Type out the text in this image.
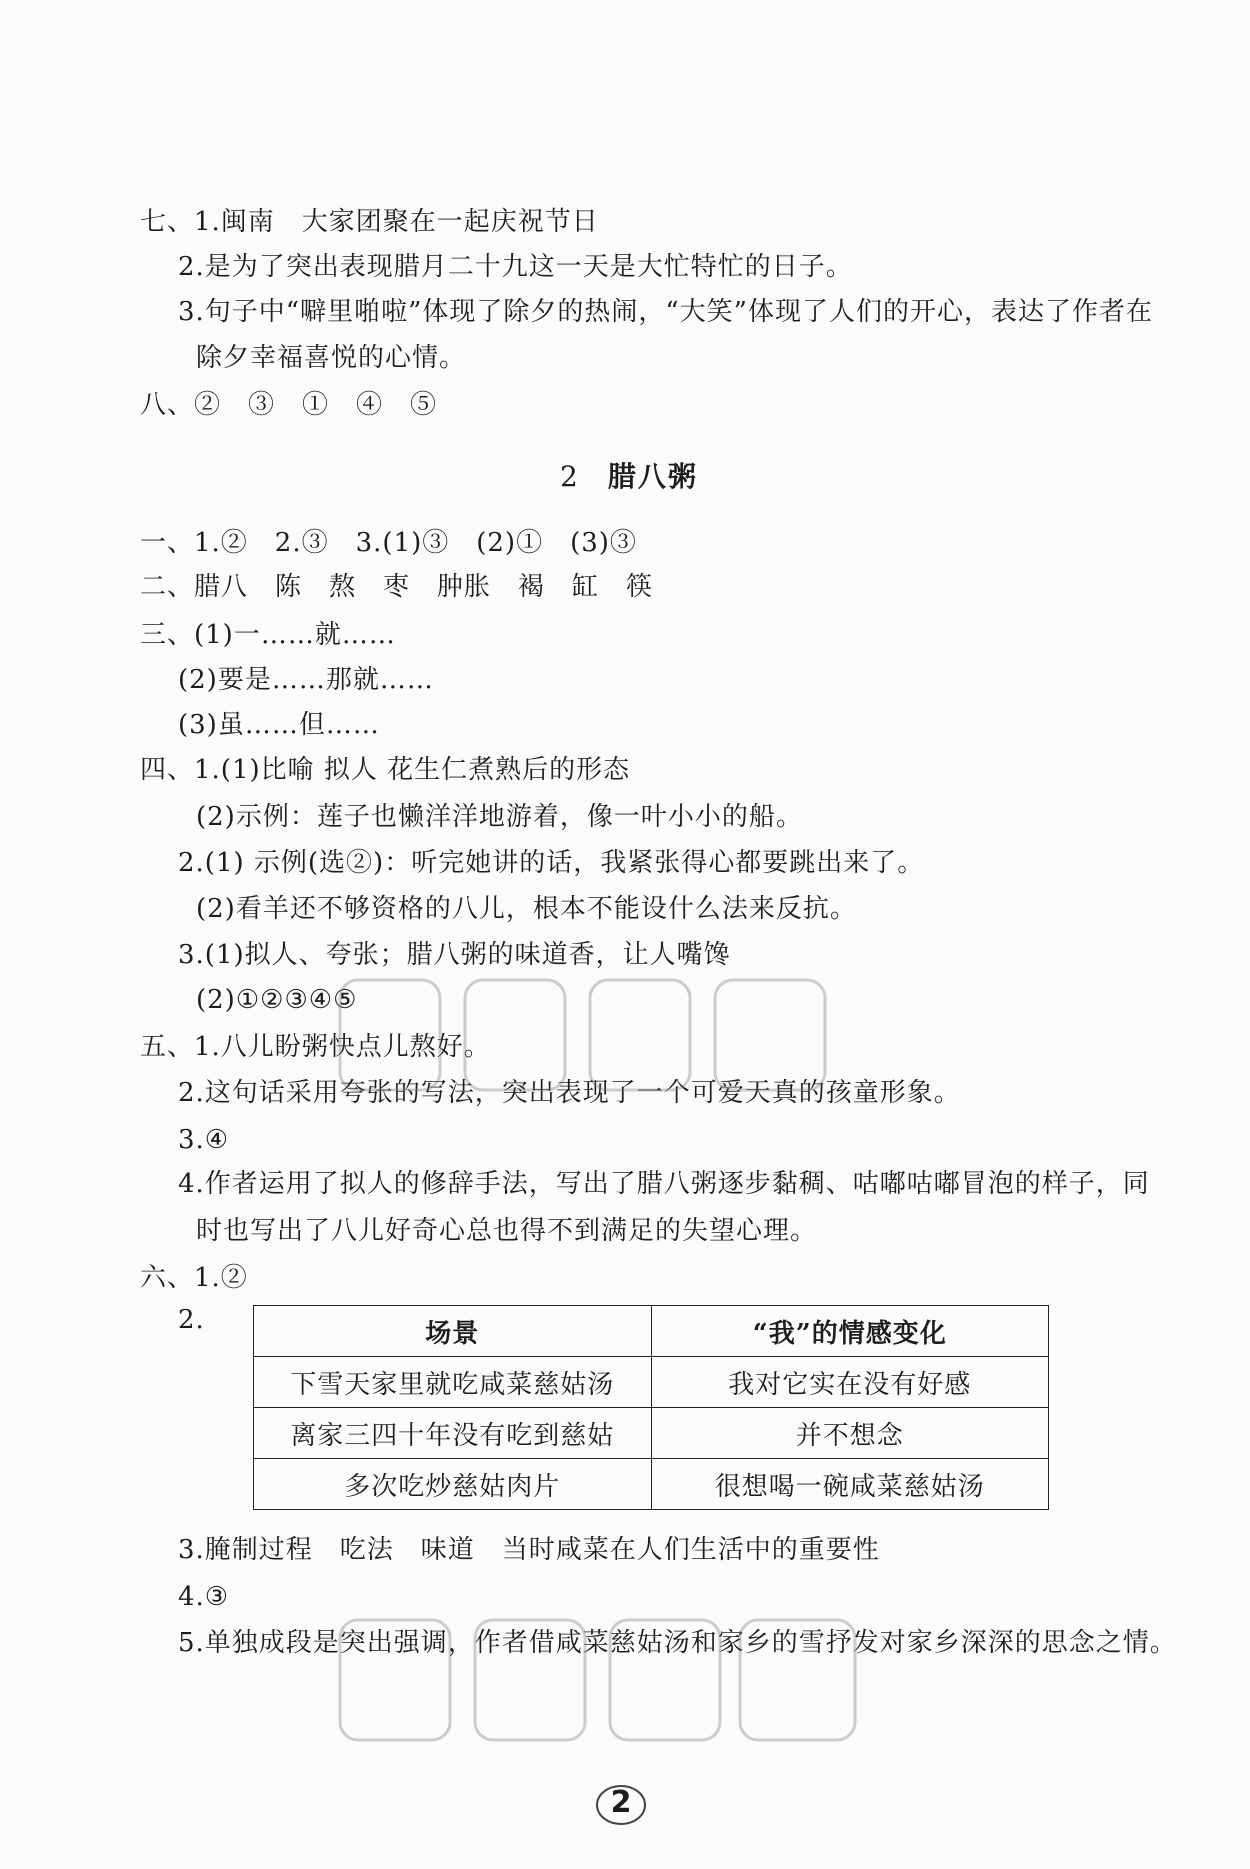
七、1.闽南　大家团聚在一起庆祝节日
2.是为了突出表现腊月二十九这一天是大忙特忙的日子。
3.句子中“噼里啪啦”体现了除夕的热闹，“大笑”体现了人们的开心，表达了作者在
除夕幸福喜悦的心情。
八、②　③　①　④　⑤
2 腊八粥
一、1.②　2.③　3.(1)③　(2)①　(3)③
二、腊八　陈　熬　枣　肿胀　褐　缸　筷
三、(1)一……就……
(2)要是……那就……
(3)虽……但……
四、1.(1)比喻 拟人 花生仁煮熟后的形态
(2)示例：莲子也懒洋洋地游着，像一叶小小的船。
2.(1) 示例(选②)：听完她讲的话，我紧张得心都要跳出来了。
(2)看羊还不够资格的八儿，根本不能设什么法来反抗。
3.(1)拟人、夸张；腊八粥的味道香，让人嘴馋
(2)①②③④⑤
五、1.八儿盼粥快点儿熬好。
2.这句话采用夸张的写法，突出表现了一个可爱天真的孩童形象。
3.④
4.作者运用了拟人的修辞手法，写出了腊八粥逐步黏稠、咕嘟咕嘟冒泡的样子，同
时也写出了八儿好奇心总也得不到满足的失望心理。
六、1.②
2.	场景	“我”的情感变化
下雪天家里就吃咸菜慈姑汤	我对它实在没有好感
离家三四十年没有吃到慈姑	并不想念
多次吃炒慈姑肉片	很想喝一碗咸菜慈姑汤
3.腌制过程　吃法　味道　当时咸菜在人们生活中的重要性
4.③
5.单独成段是突出强调，作者借咸菜慈姑汤和家乡的雪抒发对家乡深深的思念之情。
2
